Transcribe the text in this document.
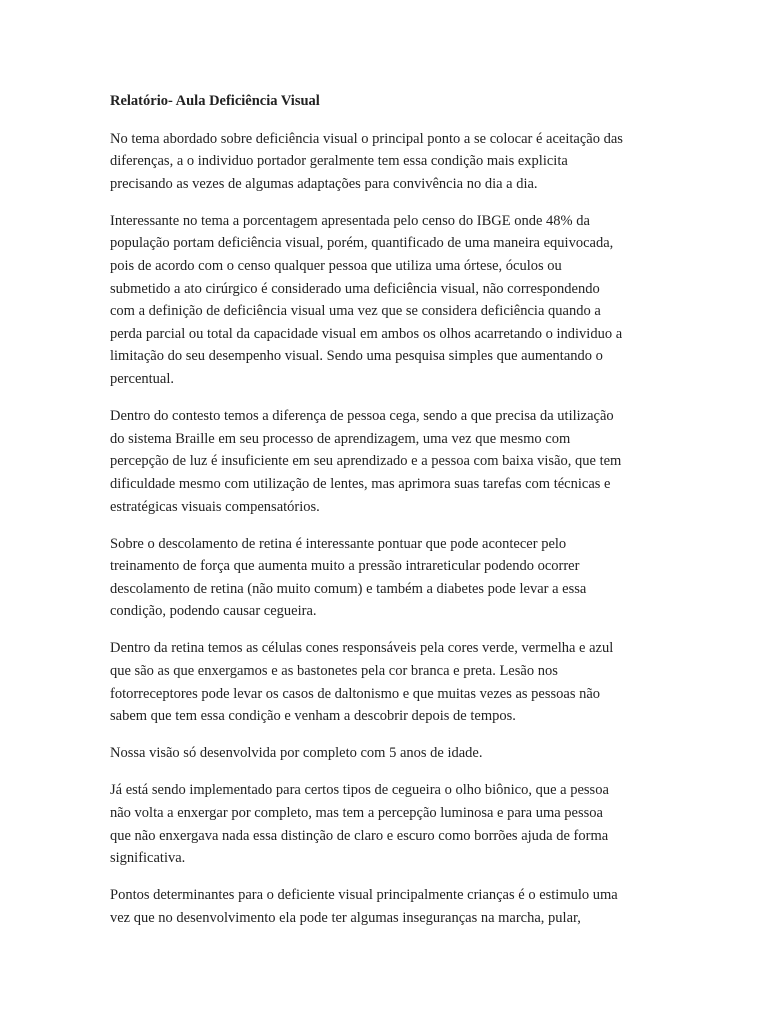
Relatório- Aula Deficiência Visual
No tema abordado sobre deficiência visual o principal ponto a se colocar é aceitação das
diferenças, a o individuo portador geralmente tem essa condição mais explicita
precisando as vezes de algumas adaptações para convivência no dia a dia.
Interessante no tema a porcentagem apresentada pelo censo do IBGE onde 48% da
população portam deficiência visual, porém, quantificado de uma maneira equivocada,
pois de acordo com o censo qualquer pessoa que utiliza uma órtese, óculos ou
submetido a ato cirúrgico é considerado uma deficiência visual, não correspondendo
com a definição de deficiência visual uma vez que se considera deficiência quando a
perda parcial ou total da capacidade visual em ambos os olhos acarretando o individuo a
limitação do seu desempenho visual. Sendo uma pesquisa simples que aumentando o
percentual.
Dentro do contesto temos a diferença de pessoa cega, sendo a que precisa da utilização
do sistema Braille em seu processo de aprendizagem, uma vez que mesmo com
percepção de luz é insuficiente em seu aprendizado e a pessoa com baixa visão, que tem
dificuldade mesmo com utilização de lentes, mas aprimora suas tarefas com técnicas e
estratégicas visuais compensatórios.
Sobre o descolamento de retina é interessante pontuar que pode acontecer pelo
treinamento de força que aumenta muito a pressão intrareticular podendo ocorrer
descolamento de retina (não muito comum) e também a diabetes pode levar a essa
condição, podendo causar cegueira.
Dentro da retina temos as células cones responsáveis pela cores verde, vermelha e azul
que são as que enxergamos e as bastonetes pela cor branca e preta. Lesão nos
fotorreceptores pode levar os casos de daltonismo e que muitas vezes as pessoas não
sabem que tem essa condição e venham a descobrir depois de tempos.
Nossa visão só desenvolvida por completo com 5 anos de idade.
Já está sendo implementado para certos tipos de cegueira o olho biônico, que a pessoa
não volta a enxergar por completo, mas tem a percepção luminosa e para uma pessoa
que não enxergava nada essa distinção de claro e escuro como borrões ajuda de forma
significativa.
Pontos determinantes para o deficiente visual principalmente crianças é o estimulo uma
vez que no desenvolvimento ela pode ter algumas inseguranças na marcha, pular,
